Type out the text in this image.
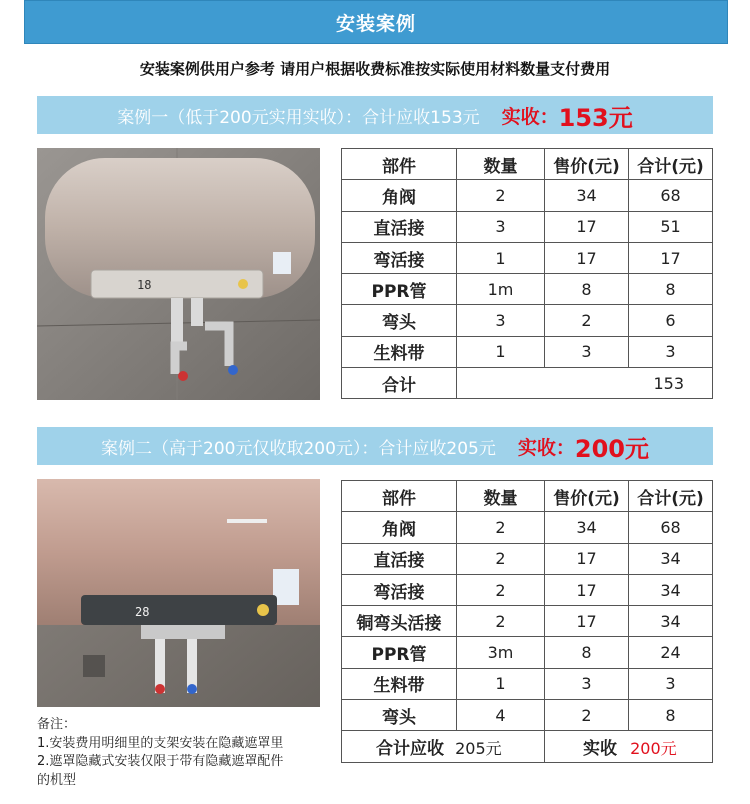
安装案例
安装案例供用户参考 请用户根据收费标准按实际使用材料数量支付费用
案例一（低于200元实用实收）：合计应收153元 实收： 153元
18
部件	数量	售价(元)	合计(元)
角阀	2	34	68
直活接	3	17	51
弯活接	1	17	17
PPR管	1m	8	8
弯头	3	2	6
生料带	1	3	3
合计	153		
案例二（高于200元仅收取200元）：合计应收205元 实收： 200元
28
部件	数量	售价(元)	合计(元)
角阀	2	34	68
直活接	2	17	34
弯活接	2	17	34
铜弯头活接	2	17	34
PPR管	3m	8	24
生料带	1	3	3
弯头	4	2	8
合计应收 205元		实收 200元	
备注：
1.安装费用明细里的支架安装在隐藏遮罩里
2.遮罩隐藏式安装仅限于带有隐藏遮罩配件
的机型
